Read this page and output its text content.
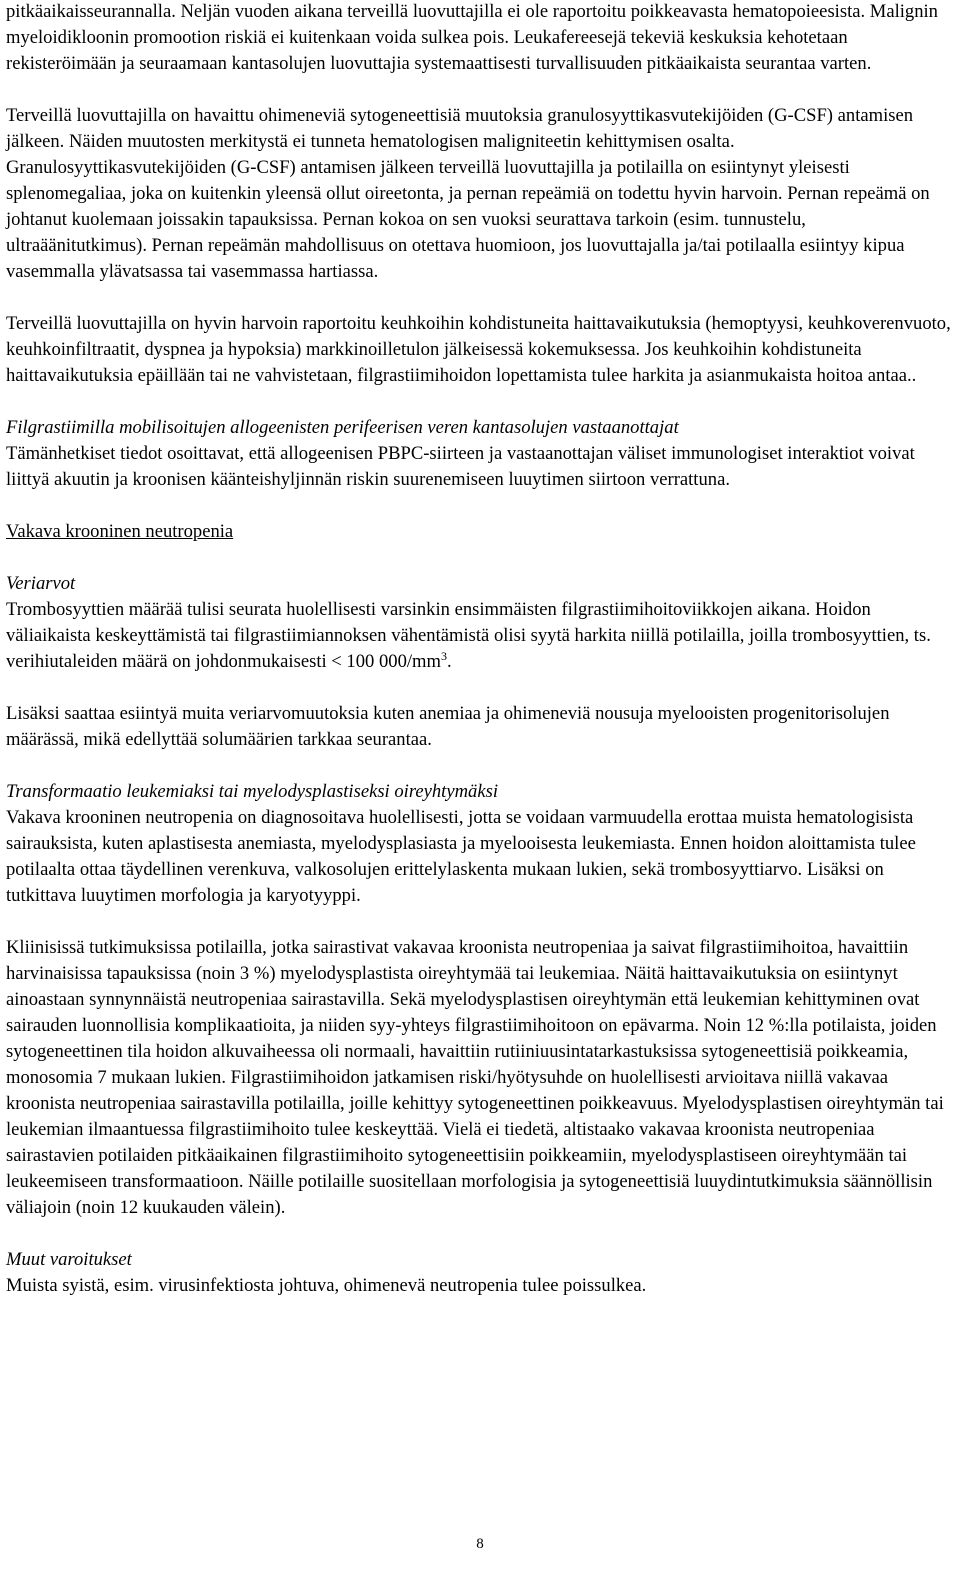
pitkäaikaisseurannalla. Neljän vuoden aikana terveillä luovuttajilla ei ole raportoitu poikkeavasta hematopoieesista. Malignin myeloidikloonin promootion riskiä ei kuitenkaan voida sulkea pois. Leukafereesejä tekeviä keskuksia kehotetaan rekisteröimään ja seuraamaan kantasolujen luovuttajia systemaattisesti turvallisuuden pitkäaikaista seurantaa varten.

Terveillä luovuttajilla on havaittu ohimeneviä sytogeneettisiä muutoksia granulosyyttikasvutekijöiden (G-CSF) antamisen jälkeen. Näiden muutosten merkitystä ei tunneta hematologisen maligniteetin kehittymisen osalta. Granulosyyttikasvutekijöiden (G-CSF) antamisen jälkeen terveillä luovuttajilla ja potilailla on esiintynyt yleisesti splenomegaliaa, joka on kuitenkin yleensä ollut oireetonta, ja pernan repeämiä on todettu hyvin harvoin. Pernan repeämä on johtanut kuolemaan joissakin tapauksissa. Pernan kokoa on sen vuoksi seurattava tarkoin (esim. tunnustelu, ultraäänitutkimus). Pernan repeämän mahdollisuus on otettava huomioon, jos luovuttajalla ja/tai potilaalla esiintyy kipua vasemmalla ylävatsassa tai vasemmassa hartiassa.

Terveillä luovuttajilla on hyvin harvoin raportoitu keuhkoihin kohdistuneita haittavaikutuksia (hemoptyysi, keuhkoverenvuoto, keuhkoinfiltraatit, dyspnea ja hypoksia) markkinoilletulon jälkeisessä kokemuksessa. Jos keuhkoihin kohdistuneita haittavaikutuksia epäillään tai ne vahvistetaan, filgrastiimihoidon lopettamista tulee harkita ja asianmukaista hoitoa antaa..

Filgrastiimilla mobilisoitujen allogeenisten perifeerisen veren kantasolujen vastaanottajat

Tämänhetkiset tiedot osoittavat, että allogeenisen PBPC-siirteen ja vastaanottajan väliset immunologiset interaktiot voivat liittyä akuutin ja kroonisen käänteishyljinnän riskin suurenemiseen luuytimen siirtoon verrattuna.

Vakava krooninen neutropenia

Veriarvot

Trombosyyttien määrää tulisi seurata huolellisesti varsinkin ensimmäisten filgrastiimihoitoviikkojen aikana. Hoidon väliaikaista keskeyttämistä tai filgrastiimiannoksen vähentämistä olisi syytä harkita niillä potilailla, joilla trombosyyttien, ts. verihiutaleiden määrä on johdonmukaisesti < 100 $000/mm^3$.

Lisäksi saattaa esiintyä muita veriarvomuutoksia kuten anemiaa ja ohimeneviä nousuja myelooisten progenitorisolujen määrässä, mikä edellyttää solumäärien tarkkaa seurantaa.

Transformaatio leukemiaksi tai myelodysplastiseksi oireyhtymäksi

Vakava krooninen neutropenia on diagnosoitava huolellisesti, jotta se voidaan varmuudella erottaa muista hematologisista sairauksista, kuten aplastisesta anemiasta, myelodysplasiasta ja myelooisesta leukemiasta. Ennen hoidon aloittamista tulee potilaalta ottaa täydellinen verenkuva, valkosolujen erittelylaskenta mukaan lukien, sekä trombosyyttiarvo. Lisäksi on tutkittava luuytimen morfologia ja karyotyyppi.

Kliinisissä tutkimuksissa potilailla, jotka sairastivat vakavaa kroonista neutropeniaa ja saivat filgrastiimihoitoa, havaittiin harvinaisissa tapauksissa (noin 3 %) myelodysplastista oireyhtymää tai leukemiaa. Näitä haittavaikutuksia on esiintynyt ainoastaan synnynnäistä neutropeniaa sairastavilla. Sekä myelodysplastisen oireyhtymän että leukemian kehittyminen ovat sairauden luonnollisia komplikaatioita, ja niiden syy-yhteys filgrastiimihoitoon on epävarma. Noin 12 %:lla potilaista, joiden sytogeneettinen tila hoidon alkuvaiheessa oli normaali, havaittiin rutiiniuusintatarkastuksissa sytogeneettisiä poikkeamia, monosomia 7 mukaan lukien. Filgrastiimihoidon jatkamisen riski/hyötysuhde on huolellisesti arvioitava niillä vakavaa kroonista neutropeniaa sairastavilla potilailla, joille kehittyy sytogeneettinen poikkeavuus. Myelodysplastisen oireyhtymän tai leukemian ilmaantuessa filgrastiimihoito tulee keskeyttää. Vielä ei tiedetä, altistaako vakavaa kroonista neutropeniaa sairastavien potilaiden pitkäaikainen filgrastiimihoito sytogeneettisiin poikkeamiin, myelodysplastiseen oireyhtymään tai leukeemiseen transformaatioon. Näille potilaille suositellaan morfologisia ja sytogeneettisiä luuydintutkimuksia säännöllisin väliajoin (noin 12 kuukauden välein).

Muut varoitukset

Muista syistä, esim. virusinfektiosta johtuva, ohimenevä neutropenia tulee poissulkea.

8
